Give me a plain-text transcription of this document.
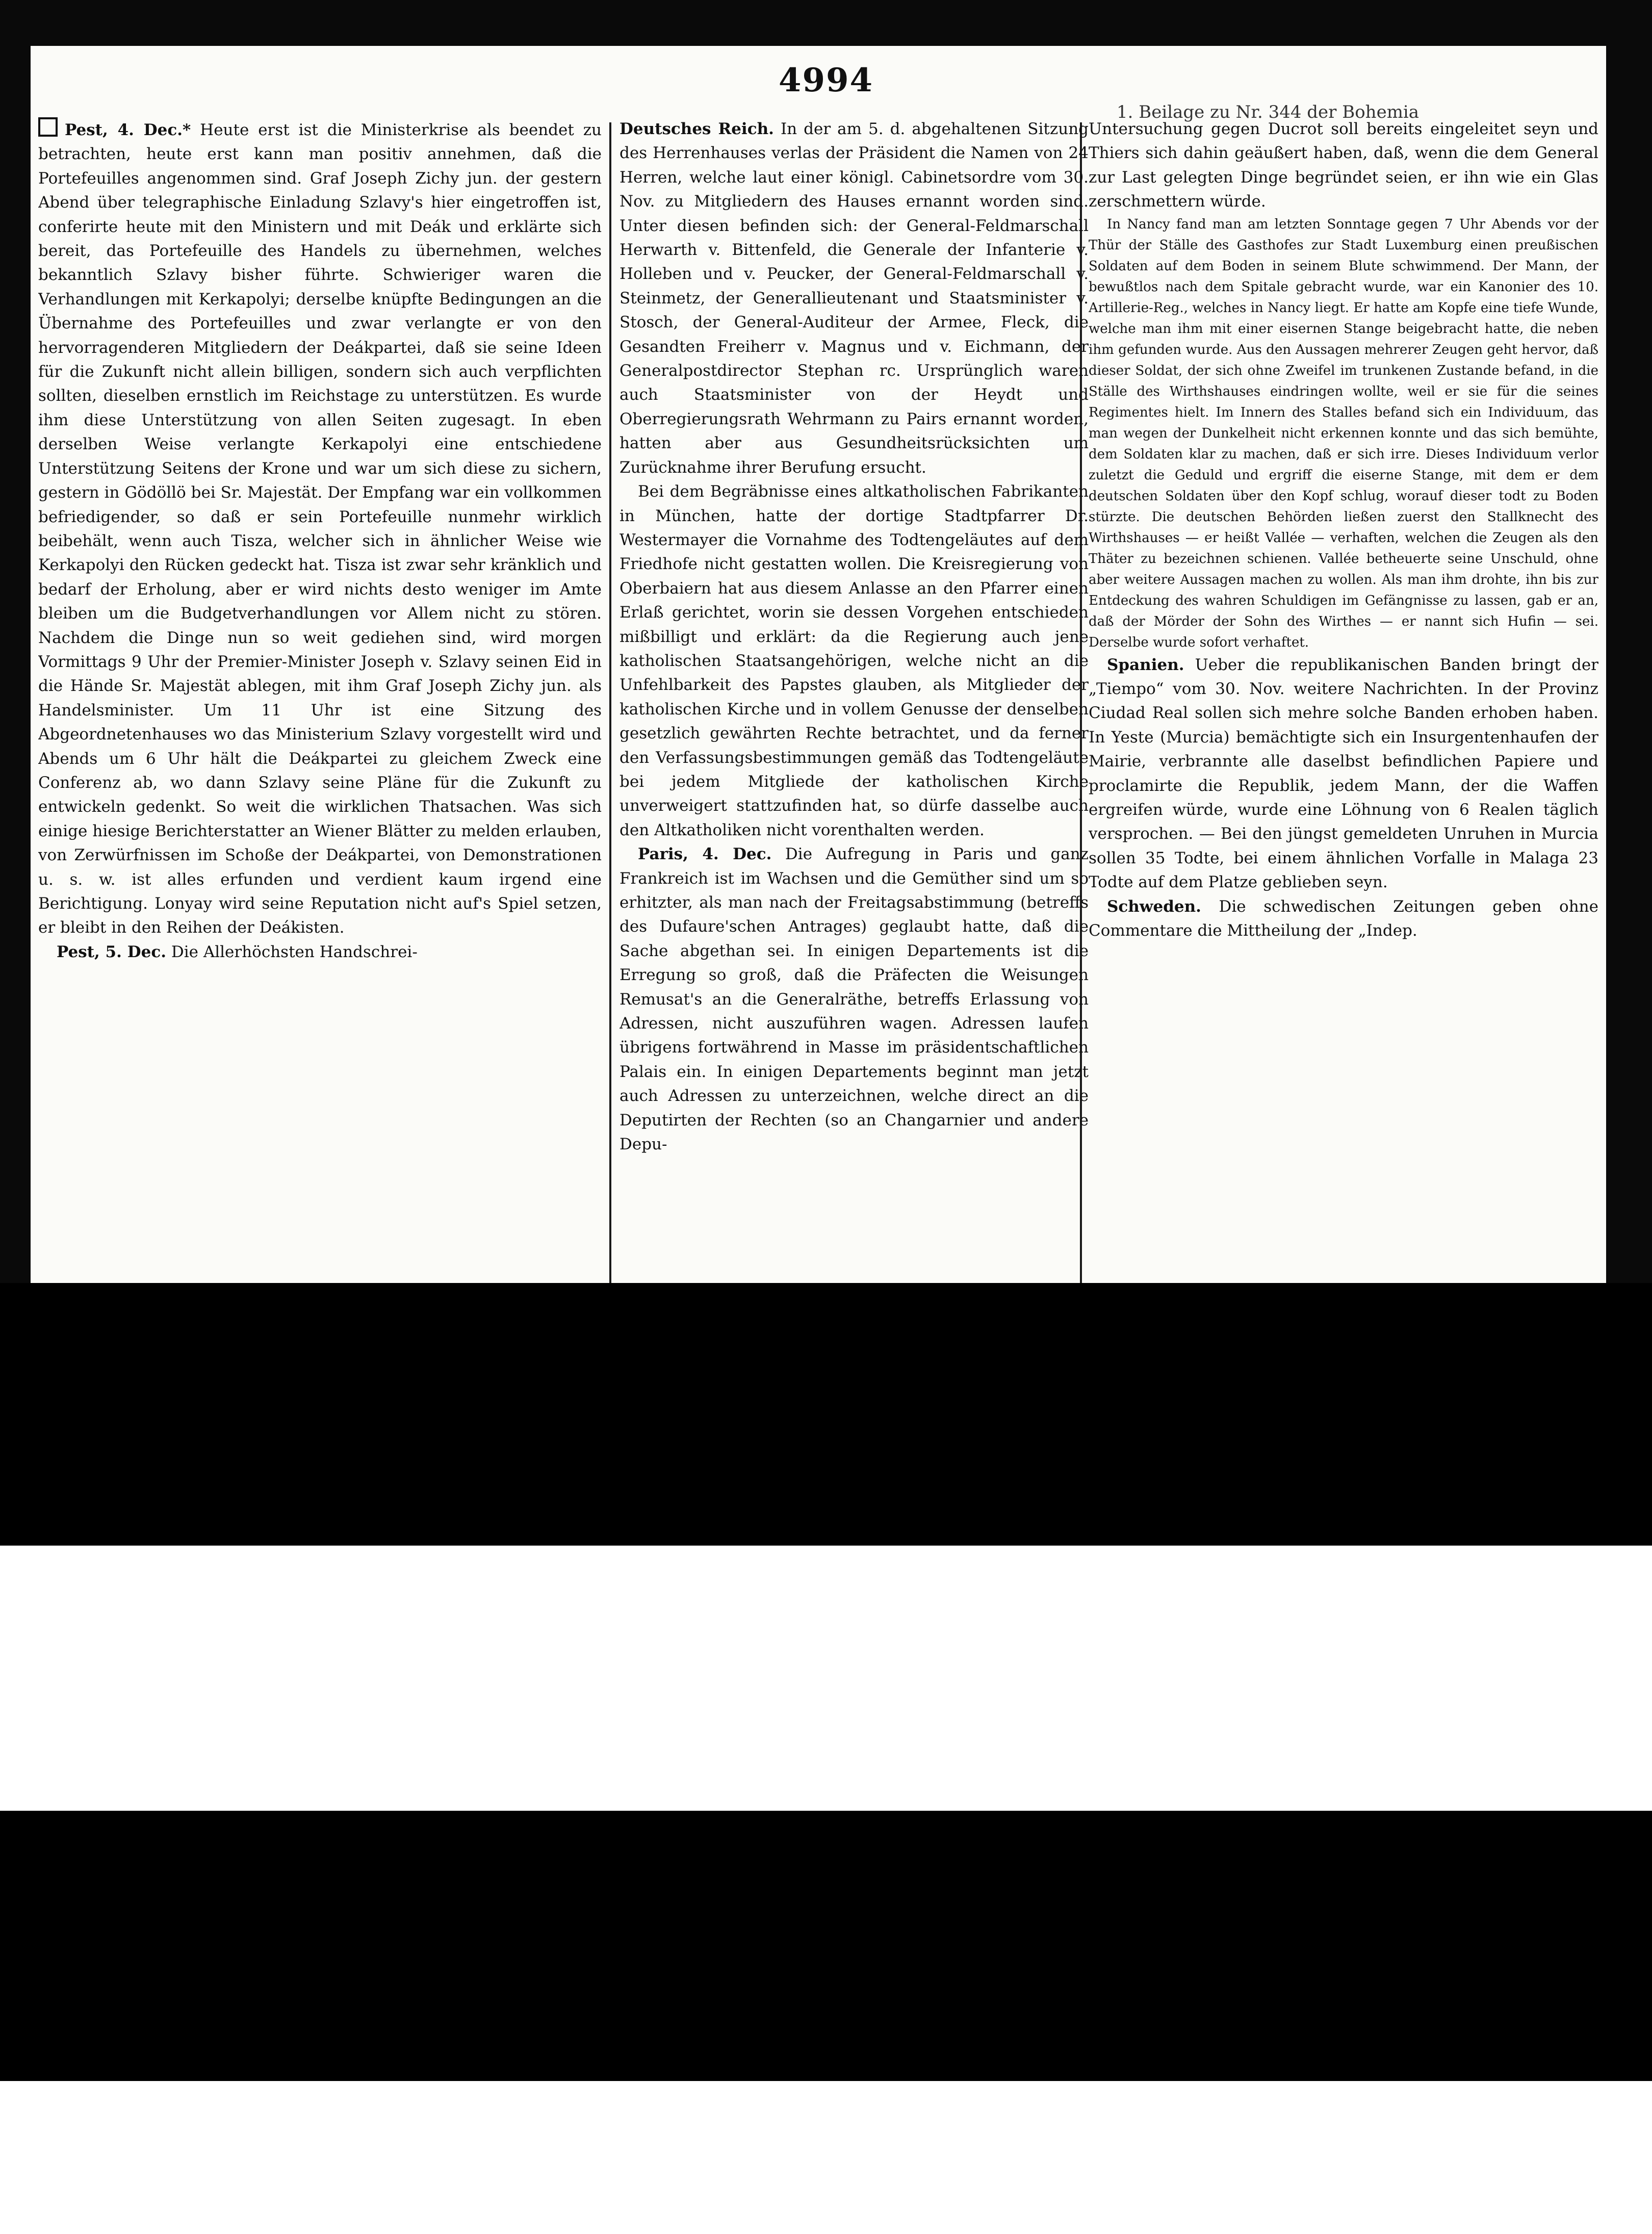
4994
1. Beilage zu Nr. 344 der Bohemia

Pest, 4. Dec.* Heute erst ist die Ministerkrise als beendet zu betrachten, heute erst kann man positiv annehmen, daß die Portefeuilles angenommen sind. Graf Joseph Zichy jun. der gestern Abend über telegraphische Einladung Szlavy's hier eingetroffen ist, conferirte heute mit den Ministern und mit Deák und erklärte sich bereit, das Portefeuille des Handels zu übernehmen, welches bekanntlich Szlavy bisher führte. Schwieriger waren die Verhandlungen mit Kerkapolyi; derselbe knüpfte Bedingungen an die Übernahme des Portefeuilles und zwar verlangte er von den hervorragenderen Mitgliedern der Deákpartei, daß sie seine Ideen für die Zukunft nicht allein billigen, sondern sich auch verpflichten sollten, dieselben ernstlich im Reichstage zu unterstützen. Es wurde ihm diese Unterstützung von allen Seiten zugesagt. In eben derselben Weise verlangte Kerkapolyi eine entschiedene Unterstützung Seitens der Krone und war um sich diese zu sichern, gestern in Gödöllö bei Sr. Majestät. Der Empfang war ein vollkommen befriedigender, so daß er sein Portefeuille nunmehr wirklich beibehält, wenn auch Tisza, welcher sich in ähnlicher Weise wie Kerkapolyi den Rücken gedeckt hat. Tisza ist zwar sehr kränklich und bedarf der Erholung, aber er wird nichts desto weniger im Amte bleiben um die Budgetverhandlungen vor Allem nicht zu stören. Nachdem die Dinge nun so weit gediehen sind, wird morgen Vormittags 9 Uhr der Premier-Minister Joseph v. Szlavy seinen Eid in die Hände Sr. Majestät ablegen, mit ihm Graf Joseph Zichy jun. als Handelsminister. Um 11 Uhr ist eine Sitzung des Abgeordnetenhauses wo das Ministerium Szlavy vorgestellt wird und Abends um 6 Uhr hält die Deákpartei zu gleichem Zweck eine Conferenz ab, wo dann Szlavy seine Pläne für die Zukunft zu entwickeln gedenkt. So weit die wirklichen Thatsachen. Was sich einige hiesige Berichterstatter an Wiener Blätter zu melden erlauben, von Zerwürfnissen im Schoße der Deákpartei, von Demonstrationen u. s. w. ist alles erfunden und verdient kaum irgend eine Berichtigung. Lonyay wird seine Reputation nicht auf's Spiel setzen, er bleibt in den Reihen der Deákisten.

Pest, 5. Dec. Die Allerhöchsten Handschrei-

Deutsches Reich. In der am 5. d. abgehaltenen Sitzung des Herrenhauses verlas der Präsident die Namen von 24 Herren, welche laut einer königl. Cabinetsordre vom 30. Nov. zu Mitgliedern des Hauses ernannt worden sind. Unter diesen befinden sich: der General-Feldmarschall Herwarth v. Bittenfeld, die Generale der Infanterie v. Holleben und v. Peucker, der General-Feldmarschall v. Steinmetz, der Generallieutenant und Staatsminister v. Stosch, der General-Auditeur der Armee, Fleck, die Gesandten Freiherr v. Magnus und v. Eichmann, der Generalpostdirector Stephan rc. Ursprünglich waren auch Staatsminister von der Heydt und Oberregierungsrath Wehrmann zu Pairs ernannt worden, hatten aber aus Gesundheitsrücksichten um Zurücknahme ihrer Berufung ersucht.

Bei dem Begräbnisse eines altkatholischen Fabrikanten in München, hatte der dortige Stadtpfarrer Dr. Westermayer die Vornahme des Todtengeläutes auf dem Friedhofe nicht gestatten wollen. Die Kreisregierung von Oberbaiern hat aus diesem Anlasse an den Pfarrer einen Erlaß gerichtet, worin sie dessen Vorgehen entschieden mißbilligt und erklärt: da die Regierung auch jene katholischen Staatsangehörigen, welche nicht an die Unfehlbarkeit des Papstes glauben, als Mitglieder der katholischen Kirche und in vollem Genusse der denselben gesetzlich gewährten Rechte betrachtet, und da ferner den Verfassungsbestimmungen gemäß das Todtengeläute bei jedem Mitgliede der katholischen Kirche unverweigert stattzufinden hat, so dürfe dasselbe auch den Altkatholiken nicht vorenthalten werden.

Paris, 4. Dec. Die Aufregung in Paris und ganz Frankreich ist im Wachsen und die Gemüther sind um so erhitzter, als man nach der Freitagsabstimmung (betreffs des Dufaure'schen Antrages) geglaubt hatte, daß die Sache abgethan sei. In einigen Departements ist die Erregung so groß, daß die Präfecten die Weisungen Remusat's an die Generalräthe, betreffs Erlassung von Adressen, nicht auszuführen wagen. Adressen laufen übrigens fortwährend in Masse im präsidentschaftlichen Palais ein. In einigen Departements beginnt man jetzt auch Adressen zu unterzeichnen, welche direct an die Deputirten der Rechten (so an Changarnier und andere Depu-

Untersuchung gegen Ducrot soll bereits eingeleitet seyn und Thiers sich dahin geäußert haben, daß, wenn die dem General zur Last gelegten Dinge begründet seien, er ihn wie ein Glas zerschmettern würde.

In Nancy fand man am letzten Sonntage gegen 7 Uhr Abends vor der Thür der Ställe des Gasthofes zur Stadt Luxemburg einen preußischen Soldaten auf dem Boden in seinem Blute schwimmend. Der Mann, der bewußtlos nach dem Spitale gebracht wurde, war ein Kanonier des 10. Artillerie-Reg., welches in Nancy liegt. Er hatte am Kopfe eine tiefe Wunde, welche man ihm mit einer eisernen Stange beigebracht hatte, die neben ihm gefunden wurde. Aus den Aussagen mehrerer Zeugen geht hervor, daß dieser Soldat, der sich ohne Zweifel im trunkenen Zustande befand, in die Ställe des Wirthshauses eindringen wollte, weil er sie für die seines Regimentes hielt. Im Innern des Stalles befand sich ein Individuum, das man wegen der Dunkelheit nicht erkennen konnte und das sich bemühte, dem Soldaten klar zu machen, daß er sich irre. Dieses Individuum verlor zuletzt die Geduld und ergriff die eiserne Stange, mit dem er dem deutschen Soldaten über den Kopf schlug, worauf dieser todt zu Boden stürzte. Die deutschen Behörden ließen zuerst den Stallknecht des Wirthshauses — er heißt Vallée — verhaften, welchen die Zeugen als den Thäter zu bezeichnen schienen. Vallée betheuerte seine Unschuld, ohne aber weitere Aussagen machen zu wollen. Als man ihm drohte, ihn bis zur Entdeckung des wahren Schuldigen im Gefängnisse zu lassen, gab er an, daß der Mörder der Sohn des Wirthes — er nannt sich Hufin — sei. Derselbe wurde sofort verhaftet.

Spanien. Ueber die republikanischen Banden bringt der „Tiempo“ vom 30. Nov. weitere Nachrichten. In der Provinz Ciudad Real sollen sich mehre solche Banden erhoben haben. In Yeste (Murcia) bemächtigte sich ein Insurgentenhaufen der Mairie, verbrannte alle daselbst befindlichen Papiere und proclamirte die Republik, jedem Mann, der die Waffen ergreifen würde, wurde eine Löhnung von 6 Realen täglich versprochen. — Bei den jüngst gemeldeten Unruhen in Murcia sollen 35 Todte, bei einem ähnlichen Vorfalle in Malaga 23 Todte auf dem Platze geblieben seyn.

Schweden. Die schwedischen Zeitungen geben ohne Commentare die Mittheilung der „Indep.
